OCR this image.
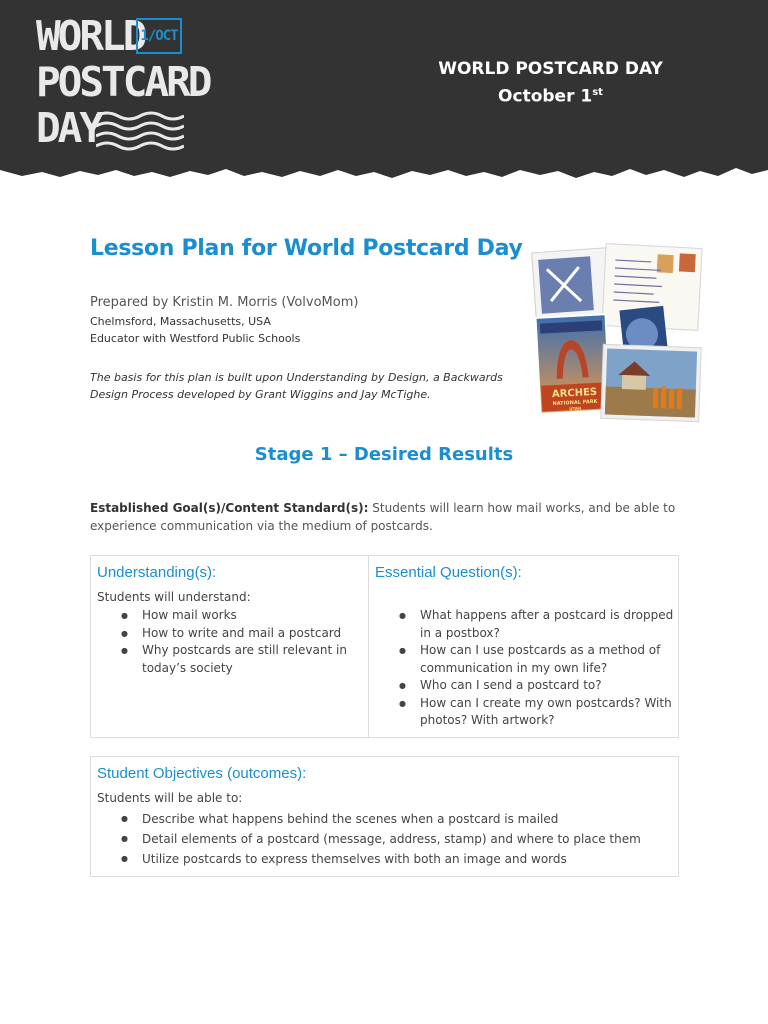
WORLD
1/OCT
POSTCARD
DAY
WORLD POSTCARD DAY
October 1st
Lesson Plan for World Postcard Day
Prepared by Kristin M. Morris (VolvoMom)
Chelmsford, Massachusetts, USA
Educator with Westford Public Schools
The basis for this plan is built upon Understanding by Design, a Backwards Design Process developed by Grant Wiggins and Jay McTighe.	ARCHES
NATIONAL PARK
UTAH
Stage 1 – Desired Results
Established Goal(s)/Content Standard(s): Students will learn how mail works, and be able to experience communication via the medium of postcards.
Understanding(s):
Students will understand:
● How mail works
● How to write and mail a postcard
● Why postcards are still relevant in today’s society
Essential Question(s):
● What happens after a postcard is dropped in a postbox?
● How can I use postcards as a method of communication in my own life?
● Who can I send a postcard to?
● How can I create my own postcards? With photos? With artwork?
Student Objectives (outcomes):
Students will be able to:
● Describe what happens behind the scenes when a postcard is mailed
● Detail elements of a postcard (message, address, stamp) and where to place them
● Utilize postcards to express themselves with both an image and words
